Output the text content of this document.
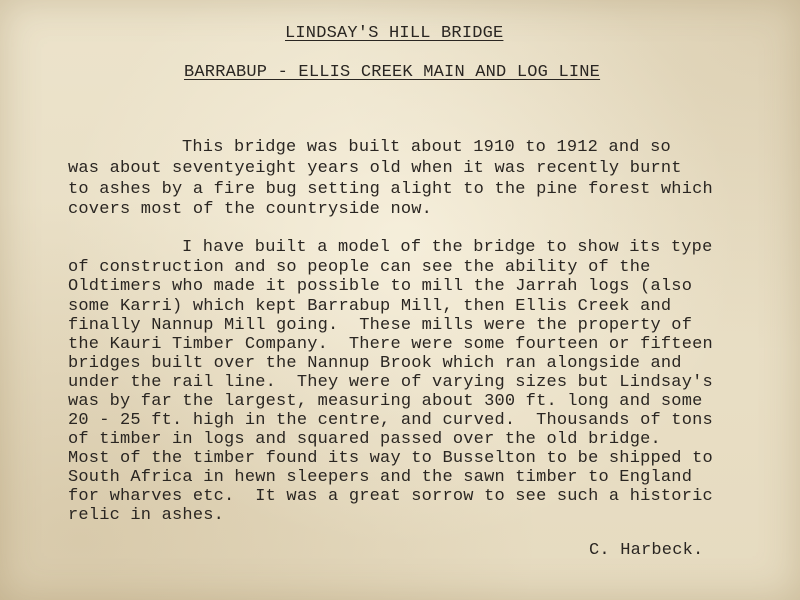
LINDSAY'S HILL BRIDGE
BARRABUP - ELLIS CREEK MAIN AND LOG LINE
This bridge was built about 1910 to 1912 and so
was about seventyeight years old when it was recently burnt
to ashes by a fire bug setting alight to the pine forest which
covers most of the countryside now.
I have built a model of the bridge to show its type
of construction and so people can see the ability of the
Oldtimers who made it possible to mill the Jarrah logs (also
some Karri) which kept Barrabup Mill, then Ellis Creek and
finally Nannup Mill going.  These mills were the property of
the Kauri Timber Company.  There were some fourteen or fifteen
bridges built over the Nannup Brook which ran alongside and
under the rail line.  They were of varying sizes but Lindsay's
was by far the largest, measuring about 300 ft. long and some
20 - 25 ft. high in the centre, and curved.  Thousands of tons
of timber in logs and squared passed over the old bridge.
Most of the timber found its way to Busselton to be shipped to
South Africa in hewn sleepers and the sawn timber to England
for wharves etc.  It was a great sorrow to see such a historic
relic in ashes.
C. Harbeck.
